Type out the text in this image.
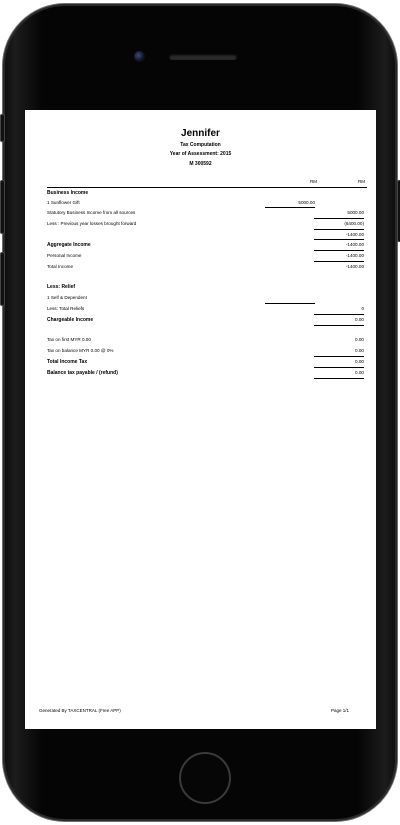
Jennifer
Tax Computation
Year of Assessment: 2015
M 300592
RM	RM
Business Income
1 Sunflower Gift	5000.00
Statutory Business Income from all sources	5000.00
Less : Previous year losses brought forward	(6400.00)
-1400.00
Aggregate Income	-1400.00
Personal Income	-1400.00
Total Income	-1400.00
Less: Relief
1 Self & Dependent
Less: Total Reliefs	0
Chargeable Income	0.00
Tax on first MYR 0.00	0.00
Tax on balance MYR 0.00 @ 0%	0.00
Total Income Tax	0.00
Balance tax payable / (refund)	0.00
Generated By TAXCENTRAL (Free APP)	Page 1/1
